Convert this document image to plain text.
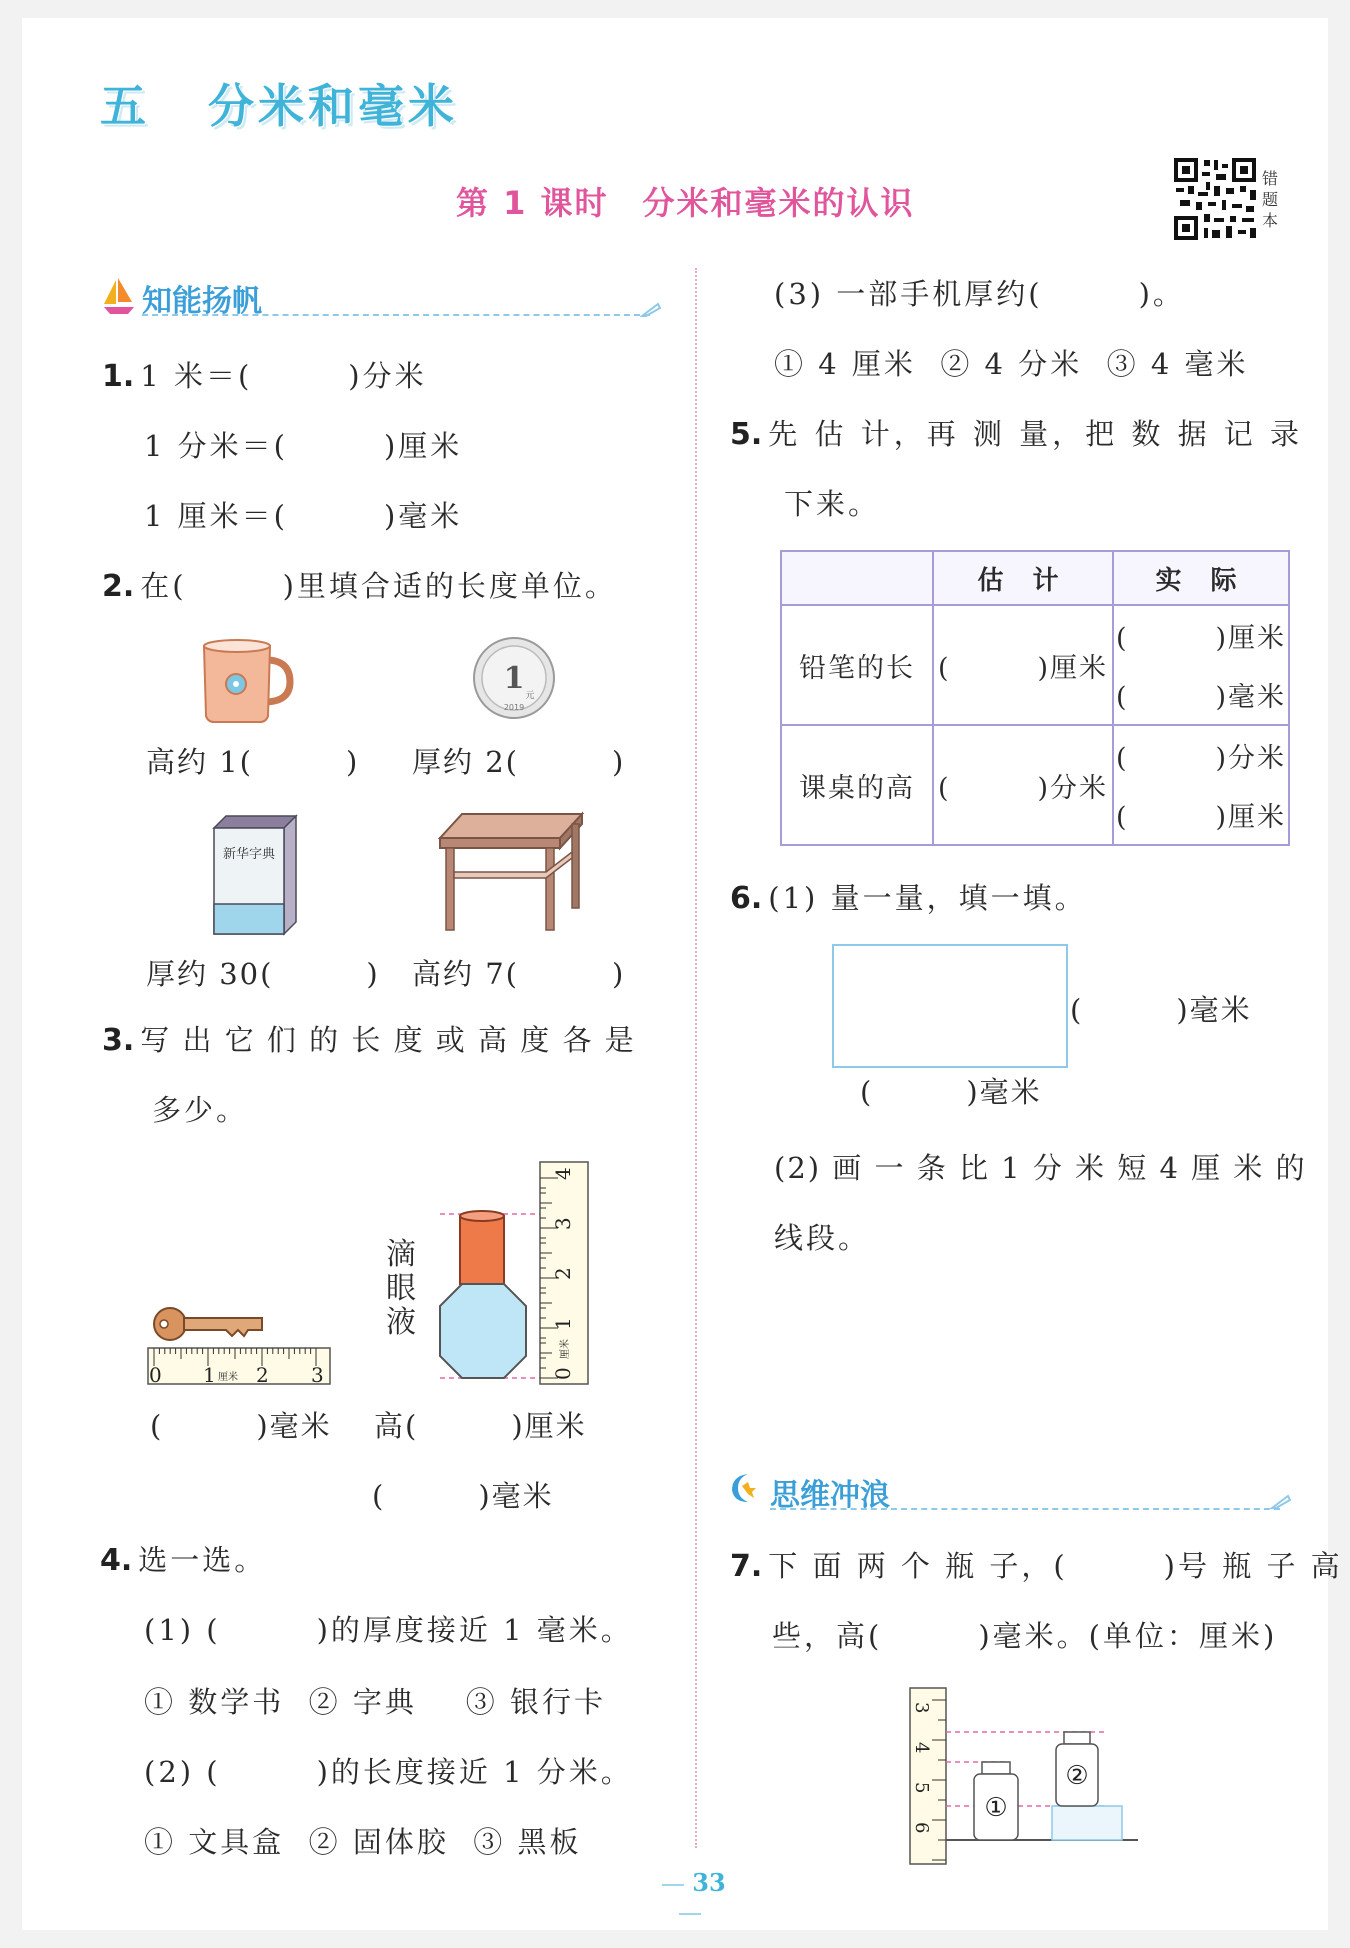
五 分米和毫米
第 1 课时　分米和毫米的认识
错题本
知能扬帆
1. 1 米＝(　　　)分米
1 分米＝(　　　)厘米
1 厘米＝(　　　)毫米
2. 在(　　　)里填合适的长度单位。
1 元
2019
高约 1(　　　) 厚约 2(　　　)
新华字典
厚约 30(　　　) 高约 7(　　　)
3. 写 出 它 们 的 长 度 或 高 度 各 是
多少。
0 1 2 3
厘米
滴
眼
液
0
1
2
3
4
厘米
(　　　)毫米 高(　　　)厘米
(　　　)毫米
4. 选一选。
(1) (　　　)的厚度接近 1 毫米。
① 数学书  ② 字典    ③ 银行卡
(2) (　　　)的长度接近 1 分米。
① 文具盒  ② 固体胶  ③ 黑板
(3) 一部手机厚约(　　　)。
① 4 厘米  ② 4 分米  ③ 4 毫米
5. 先 估 计，再 测 量，把 数 据 记 录
下来。
	估 计	实 际
铅笔的长	(　　　)厘米	(　　　)厘米
		(　　　)毫米
课桌的高	(　　　)分米	(　　　)分米
		(　　　)厘米
6. (1) 量一量，填一填。
(　　　)毫米
(　　　)毫米
(2) 画 一 条 比 1 分 米 短 4 厘 米 的
线段。
思维冲浪
7. 下 面 两 个 瓶 子，(　　　)号 瓶 子 高
些，高(　　　)毫米。(单位：厘米)
3
4
5
6
①
②
33
